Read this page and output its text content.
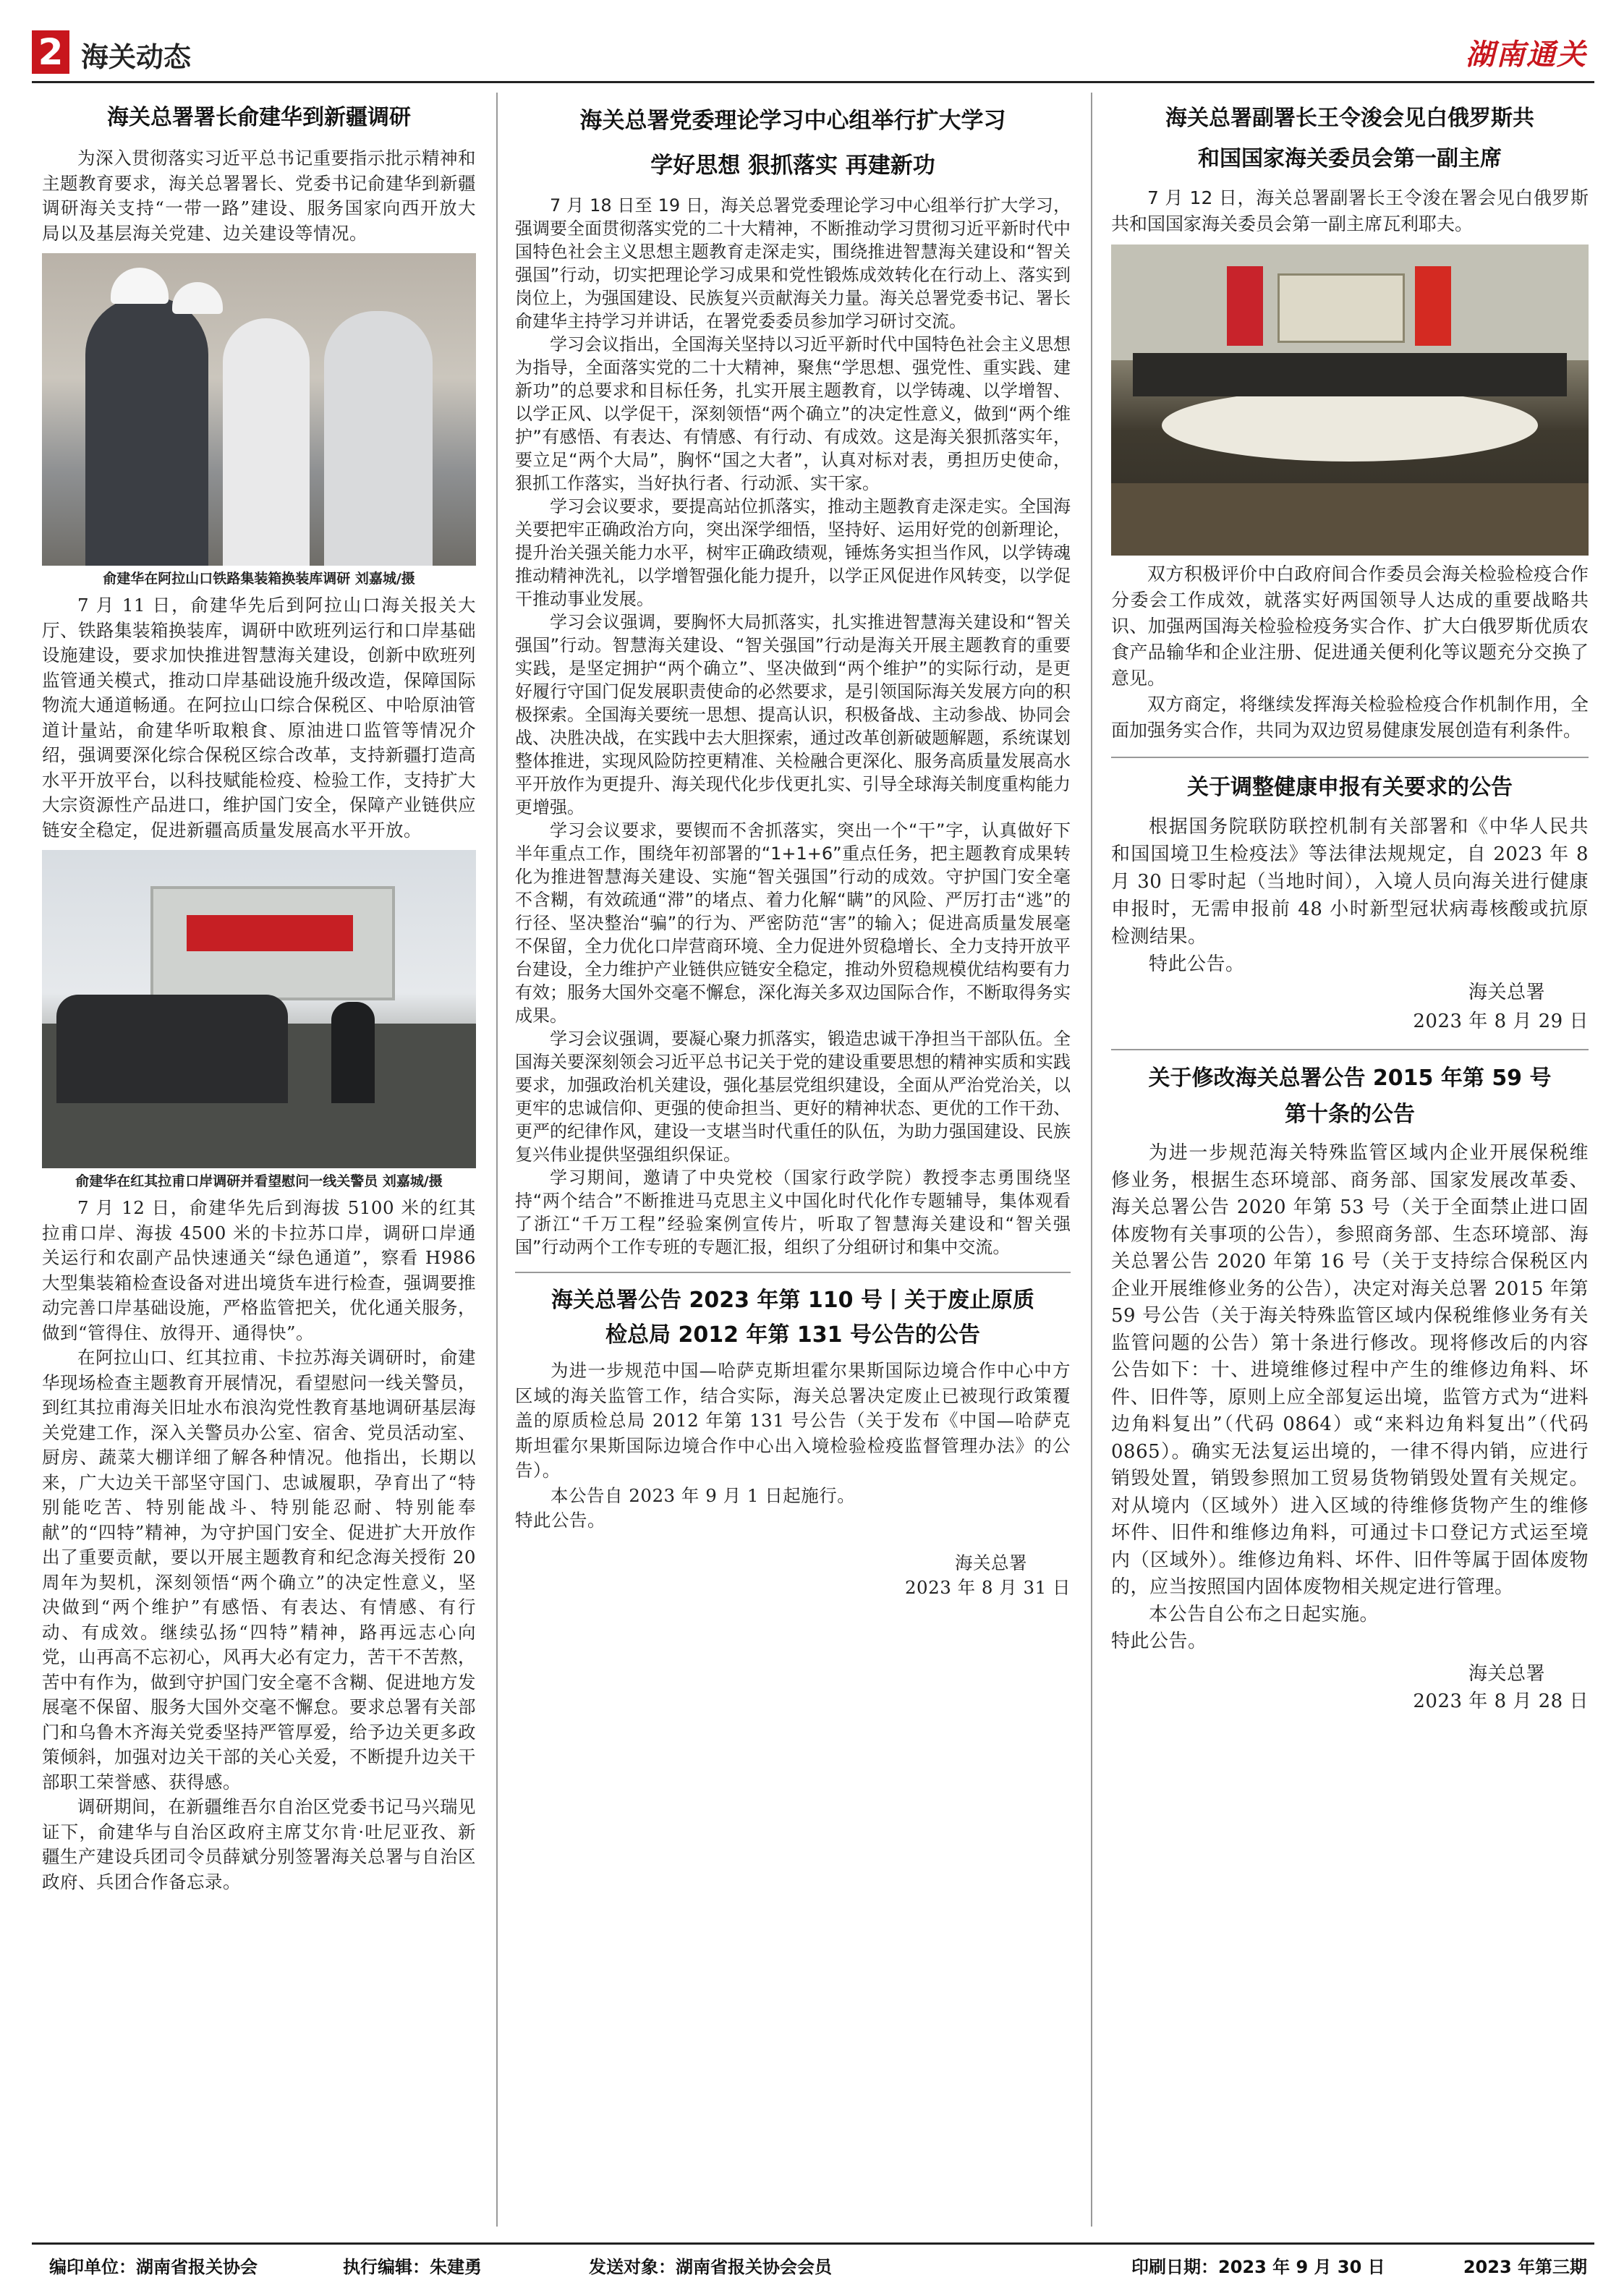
2 海关动态	湖南通关
海关总署署长俞建华到新疆调研

为深入贯彻落实习近平总书记重要指示批示精神和主题教育要求，海关总署署长、党委书记俞建华到新疆调研海关支持“一带一路”建设、服务国家向西开放大局以及基层海关党建、边关建设等情况。

俞建华在阿拉山口铁路集装箱换装库调研 刘嘉城/摄

7 月 11 日，俞建华先后到阿拉山口海关报关大厅、铁路集装箱换装库，调研中欧班列运行和口岸基础设施建设，要求加快推进智慧海关建设，创新中欧班列监管通关模式，推动口岸基础设施升级改造，保障国际物流大通道畅通。在阿拉山口综合保税区、中哈原油管道计量站，俞建华听取粮食、原油进口监管等情况介绍，强调要深化综合保税区综合改革，支持新疆打造高水平开放平台，以科技赋能检疫、检验工作，支持扩大大宗资源性产品进口，维护国门安全，保障产业链供应链安全稳定，促进新疆高质量发展高水平开放。

俞建华在红其拉甫口岸调研并看望慰问一线关警员 刘嘉城/摄

7 月 12 日，俞建华先后到海拔 5100 米的红其拉甫口岸、海拔 4500 米的卡拉苏口岸，调研口岸通关运行和农副产品快速通关“绿色通道”，察看 H986 大型集装箱检查设备对进出境货车进行检查，强调要推动完善口岸基础设施，严格监管把关，优化通关服务，做到“管得住、放得开、通得快”。

在阿拉山口、红其拉甫、卡拉苏海关调研时，俞建华现场检查主题教育开展情况，看望慰问一线关警员，到红其拉甫海关旧址水布浪沟党性教育基地调研基层海关党建工作，深入关警员办公室、宿舍、党员活动室、厨房、蔬菜大棚详细了解各种情况。他指出，长期以来，广大边关干部坚守国门、忠诚履职，孕育出了“特别能吃苦、特别能战斗、特别能忍耐、特别能奉献”的“四特”精神，为守护国门安全、促进扩大开放作出了重要贡献，要以开展主题教育和纪念海关授衔 20 周年为契机，深刻领悟“两个确立”的决定性意义，坚决做到“两个维护”有感悟、有表达、有情感、有行动、有成效。继续弘扬“四特”精神，路再远志心向党，山再高不忘初心，风再大必有定力，苦干不苦熬，苦中有作为，做到守护国门安全毫不含糊、促进地方发展毫不保留、服务大国外交毫不懈怠。要求总署有关部门和乌鲁木齐海关党委坚持严管厚爱，给予边关更多政策倾斜，加强对边关干部的关心关爱，不断提升边关干部职工荣誉感、获得感。

调研期间，在新疆维吾尔自治区党委书记马兴瑞见证下，俞建华与自治区政府主席艾尔肯·吐尼亚孜、新疆生产建设兵团司令员薛斌分别签署海关总署与自治区政府、兵团合作备忘录。

海关总署党委理论学习中心组举行扩大学习
学好思想 狠抓落实 再建新功

7 月 18 日至 19 日，海关总署党委理论学习中心组举行扩大学习，强调要全面贯彻落实党的二十大精神，不断推动学习贯彻习近平新时代中国特色社会主义思想主题教育走深走实，围绕推进智慧海关建设和“智关强国”行动，切实把理论学习成果和党性锻炼成效转化在行动上、落实到岗位上，为强国建设、民族复兴贡献海关力量。海关总署党委书记、署长俞建华主持学习并讲话，在署党委委员参加学习研讨交流。

学习会议指出，全国海关坚持以习近平新时代中国特色社会主义思想为指导，全面落实党的二十大精神，聚焦“学思想、强党性、重实践、建新功”的总要求和目标任务，扎实开展主题教育，以学铸魂、以学增智、以学正风、以学促干，深刻领悟“两个确立”的决定性意义，做到“两个维护”有感悟、有表达、有情感、有行动、有成效。这是海关狠抓落实年，要立足“两个大局”，胸怀“国之大者”，认真对标对表，勇担历史使命，狠抓工作落实，当好执行者、行动派、实干家。

学习会议要求，要提高站位抓落实，推动主题教育走深走实。全国海关要把牢正确政治方向，突出深学细悟，坚持好、运用好党的创新理论，提升治关强关能力水平，树牢正确政绩观，锤炼务实担当作风，以学铸魂推动精神洗礼，以学增智强化能力提升，以学正风促进作风转变，以学促干推动事业发展。

学习会议强调，要胸怀大局抓落实，扎实推进智慧海关建设和“智关强国”行动。智慧海关建设、“智关强国”行动是海关开展主题教育的重要实践，是坚定拥护“两个确立”、坚决做到“两个维护”的实际行动，是更好履行守国门促发展职责使命的必然要求，是引领国际海关发展方向的积极探索。全国海关要统一思想、提高认识，积极备战、主动参战、协同会战、决胜决战，在实践中去大胆探索，通过改革创新破题解题，系统谋划整体推进，实现风险防控更精准、关检融合更深化、服务高质量发展高水平开放作为更提升、海关现代化步伐更扎实、引导全球海关制度重构能力更增强。

学习会议要求，要锲而不舍抓落实，突出一个“干”字，认真做好下半年重点工作，围绕年初部署的“1+1+6”重点任务，把主题教育成果转化为推进智慧海关建设、实施“智关强国”行动的成效。守护国门安全毫不含糊，有效疏通“滞”的堵点、着力化解“瞒”的风险、严厉打击“逃”的行径、坚决整治“骗”的行为、严密防范“害”的输入；促进高质量发展毫不保留，全力优化口岸营商环境、全力促进外贸稳增长、全力支持开放平台建设，全力维护产业链供应链安全稳定，推动外贸稳规模优结构要有力有效；服务大国外交毫不懈怠，深化海关多双边国际合作，不断取得务实成果。

学习会议强调，要凝心聚力抓落实，锻造忠诚干净担当干部队伍。全国海关要深刻领会习近平总书记关于党的建设重要思想的精神实质和实践要求，加强政治机关建设，强化基层党组织建设，全面从严治党治关，以更牢的忠诚信仰、更强的使命担当、更好的精神状态、更优的工作干劲、更严的纪律作风，建设一支堪当时代重任的队伍，为助力强国建设、民族复兴伟业提供坚强组织保证。

学习期间，邀请了中央党校（国家行政学院）教授李志勇围绕坚持“两个结合”不断推进马克思主义中国化时代化作专题辅导，集体观看了浙江“千万工程”经验案例宣传片，听取了智慧海关建设和“智关强国”行动两个工作专班的专题汇报，组织了分组研讨和集中交流。

海关总署公告 2023 年第 110 号丨关于废止原质
检总局 2012 年第 131 号公告的公告

为进一步规范中国—哈萨克斯坦霍尔果斯国际边境合作中心中方区域的海关监管工作，结合实际，海关总署决定废止已被现行政策覆盖的原质检总局 2012 年第 131 号公告（关于发布《中国—哈萨克斯坦霍尔果斯国际边境合作中心出入境检验检疫监督管理办法》的公告）。

本公告自 2023 年 9 月 1 日起施行。

特此公告。

海关总署

2023 年 8 月 31 日

海关总署副署长王令浚会见白俄罗斯共
和国国家海关委员会第一副主席

7 月 12 日，海关总署副署长王令浚在署会见白俄罗斯共和国国家海关委员会第一副主席瓦利耶夫。

双方积极评价中白政府间合作委员会海关检验检疫合作分委会工作成效，就落实好两国领导人达成的重要战略共识、加强两国海关检验检疫务实合作、扩大白俄罗斯优质农食产品输华和企业注册、促进通关便利化等议题充分交换了意见。

双方商定，将继续发挥海关检验检疫合作机制作用，全面加强务实合作，共同为双边贸易健康发展创造有利条件。

关于调整健康申报有关要求的公告

根据国务院联防联控机制有关部署和《中华人民共和国国境卫生检疫法》等法律法规规定，自 2023 年 8 月 30 日零时起（当地时间），入境人员向海关进行健康申报时，无需申报前 48 小时新型冠状病毒核酸或抗原检测结果。

特此公告。

海关总署

2023 年 8 月 29 日

关于修改海关总署公告 2015 年第 59 号
第十条的公告

为进一步规范海关特殊监管区域内企业开展保税维修业务，根据生态环境部、商务部、国家发展改革委、海关总署公告 2020 年第 53 号（关于全面禁止进口固体废物有关事项的公告），参照商务部、生态环境部、海关总署公告 2020 年第 16 号（关于支持综合保税区内企业开展维修业务的公告），决定对海关总署 2015 年第 59 号公告（关于海关特殊监管区域内保税维修业务有关监管问题的公告）第十条进行修改。现将修改后的内容公告如下：十、进境维修过程中产生的维修边角料、坏件、旧件等，原则上应全部复运出境，监管方式为“进料边角料复出”（代码 0864）或“来料边角料复出”（代码 0865）。确实无法复运出境的，一律不得内销，应进行销毁处置，销毁参照加工贸易货物销毁处置有关规定。对从境内（区域外）进入区域的待维修货物产生的维修坏件、旧件和维修边角料，可通过卡口登记方式运至境内（区域外）。维修边角料、坏件、旧件等属于固体废物的，应当按照国内固体废物相关规定进行管理。

本公告自公布之日起实施。

特此公告。

海关总署

2023 年 8 月 28 日

编印单位：湖南省报关协会	执行编辑：朱建勇	发送对象：湖南省报关协会会员	印刷日期：2023 年 9 月 30 日	2023 年第三期
